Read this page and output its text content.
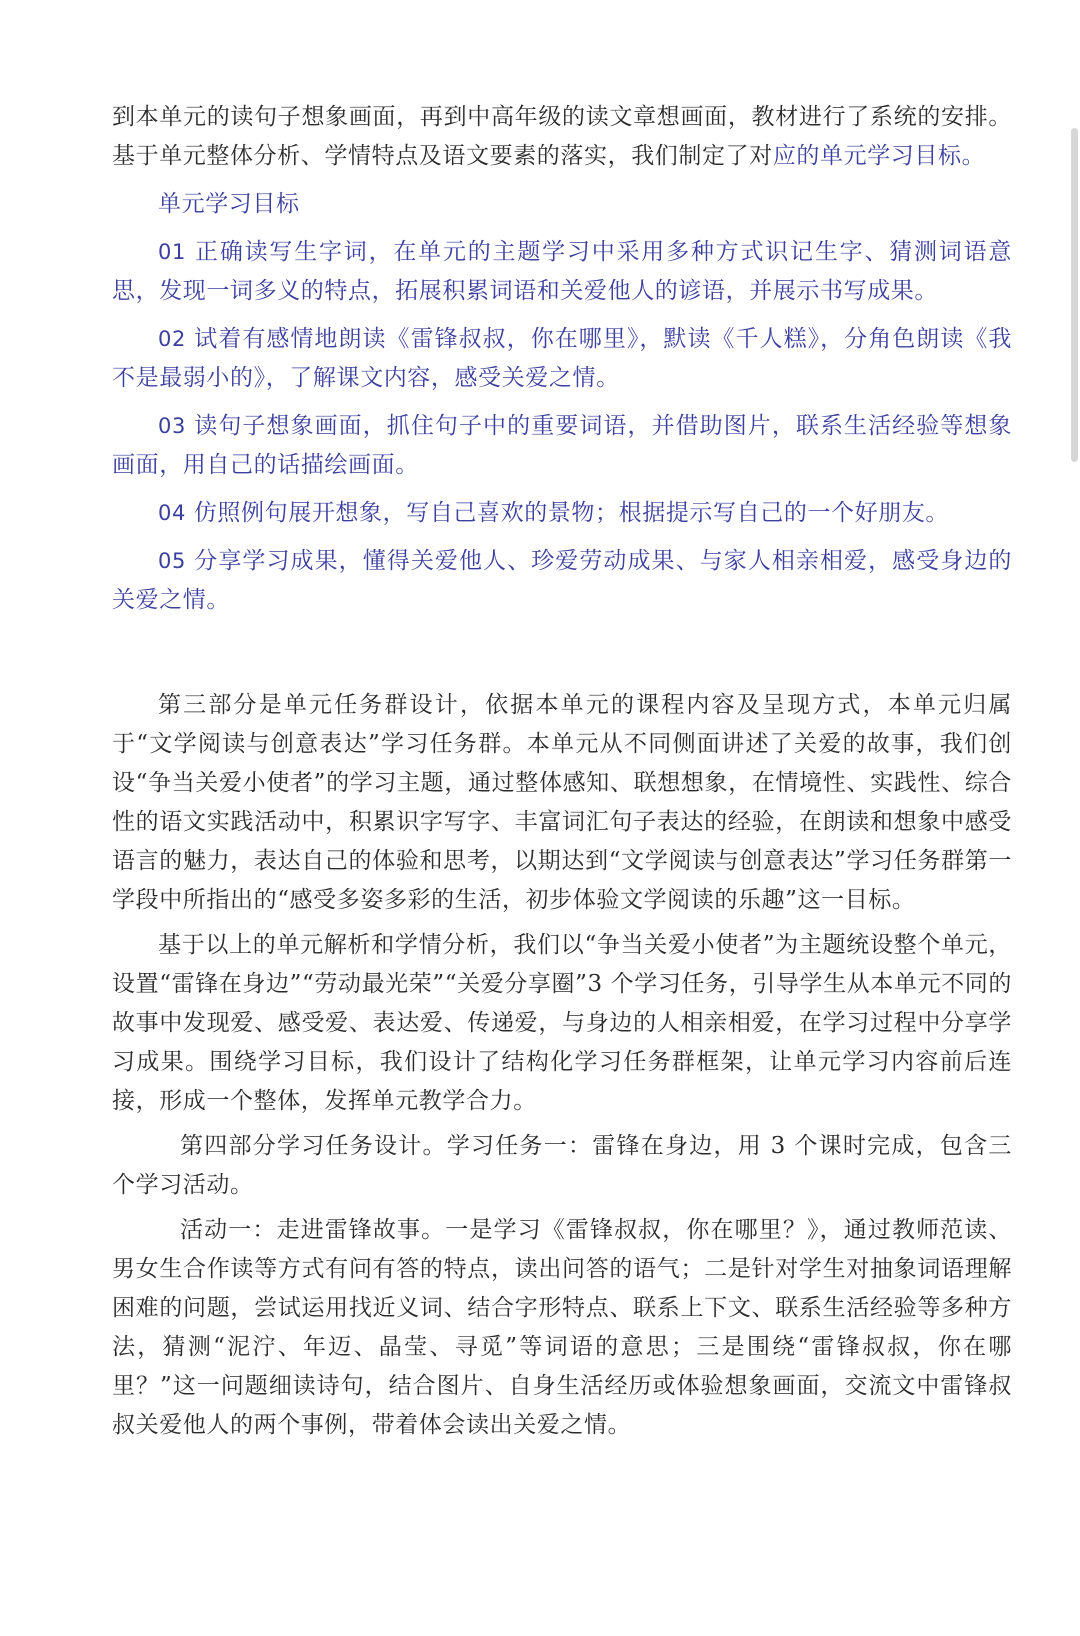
到本单元的读句子想象画面，再到中高年级的读文章想画面，教材进行了系统的安排。基于单元整体分析、学情特点及语文要素的落实，我们制定了对应的单元学习目标。

单元学习目标

01 正确读写生字词，在单元的主题学习中采用多种方式识记生字、猜测词语意思，发现一词多义的特点，拓展积累词语和关爱他人的谚语，并展示书写成果。

02 试着有感情地朗读《雷锋叔叔，你在哪里》，默读《千人糕》，分角色朗读《我不是最弱小的》，了解课文内容，感受关爱之情。

03 读句子想象画面，抓住句子中的重要词语，并借助图片，联系生活经验等想象画面，用自己的话描绘画面。

04 仿照例句展开想象，写自己喜欢的景物；根据提示写自己的一个好朋友。

05 分享学习成果，懂得关爱他人、珍爱劳动成果、与家人相亲相爱，感受身边的关爱之情。

第三部分是单元任务群设计，依据本单元的课程内容及呈现方式，本单元归属于“文学阅读与创意表达”学习任务群。本单元从不同侧面讲述了关爱的故事，我们创设“争当关爱小使者”的学习主题，通过整体感知、联想想象，在情境性、实践性、综合性的语文实践活动中，积累识字写字、丰富词汇句子表达的经验，在朗读和想象中感受语言的魅力，表达自己的体验和思考，以期达到“文学阅读与创意表达”学习任务群第一学段中所指出的“感受多姿多彩的生活，初步体验文学阅读的乐趣”这一目标。

基于以上的单元解析和学情分析，我们以“争当关爱小使者”为主题统设整个单元，设置“雷锋在身边”“劳动最光荣”“关爱分享圈”3 个学习任务，引导学生从本单元不同的故事中发现爱、感受爱、表达爱、传递爱，与身边的人相亲相爱，在学习过程中分享学习成果。围绕学习目标，我们设计了结构化学习任务群框架，让单元学习内容前后连接，形成一个整体，发挥单元教学合力。

第四部分学习任务设计。学习任务一：雷锋在身边，用 3 个课时完成，包含三个学习活动。

活动一：走进雷锋故事。一是学习《雷锋叔叔，你在哪里？》，通过教师范读、男女生合作读等方式有问有答的特点，读出问答的语气；二是针对学生对抽象词语理解困难的问题，尝试运用找近义词、结合字形特点、联系上下文、联系生活经验等多种方法，猜测“泥泞、年迈、晶莹、寻觅”等词语的意思；三是围绕“雷锋叔叔，你在哪里？”这一问题细读诗句，结合图片、自身生活经历或体验想象画面，交流文中雷锋叔叔关爱他人的两个事例，带着体会读出关爱之情。
